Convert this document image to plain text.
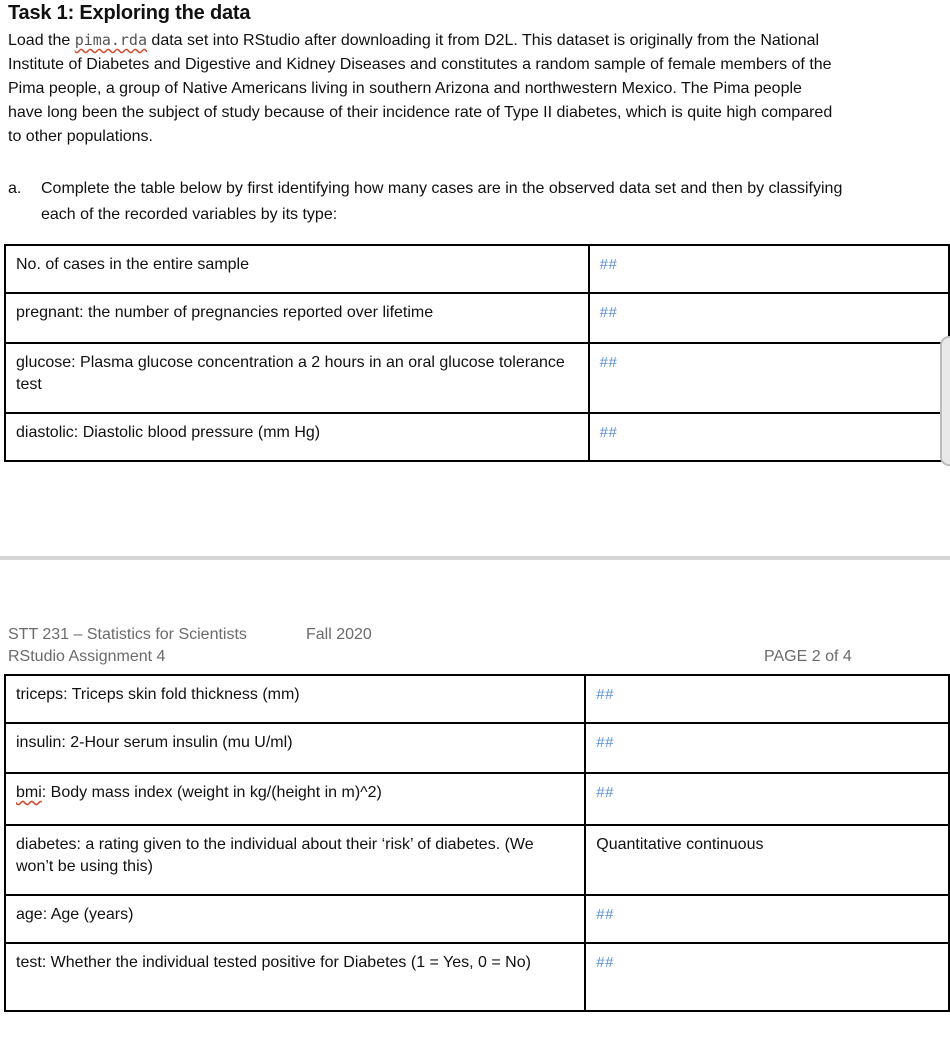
Task 1: Exploring the data

Load the pima.rda data set into RStudio after downloading it from D2L. This dataset is originally from the National
Institute of Diabetes and Digestive and Kidney Diseases and constitutes a random sample of female members of the
Pima people, a group of Native Americans living in southern Arizona and northwestern Mexico. The Pima people
have long been the subject of study because of their incidence rate of Type II diabetes, which is quite high compared
to other populations.

a. Complete the table below by first identifying how many cases are in the observed data set and then by classifying
each of the recorded variables by its type:
No. of cases in the entire sample	##
pregnant: the number of pregnancies reported over lifetime	##
glucose: Plasma glucose concentration a 2 hours in an oral glucose tolerance test	##
diastolic: Diastolic blood pressure (mm Hg)	##
STT 231 – Statistics for Scientists	Fall 2020
RStudio Assignment 4	PAGE 2 of 4
triceps: Triceps skin fold thickness (mm)	##
insulin: 2-Hour serum insulin (mu U/ml)	##
bmi: Body mass index (weight in kg/(height in m)^2)	##
diabetes: a rating given to the individual about their ‘risk’ of diabetes. (We won’t be using this)	Quantitative continuous
age: Age (years)	##
test: Whether the individual tested positive for Diabetes (1 = Yes, 0 = No)	##
